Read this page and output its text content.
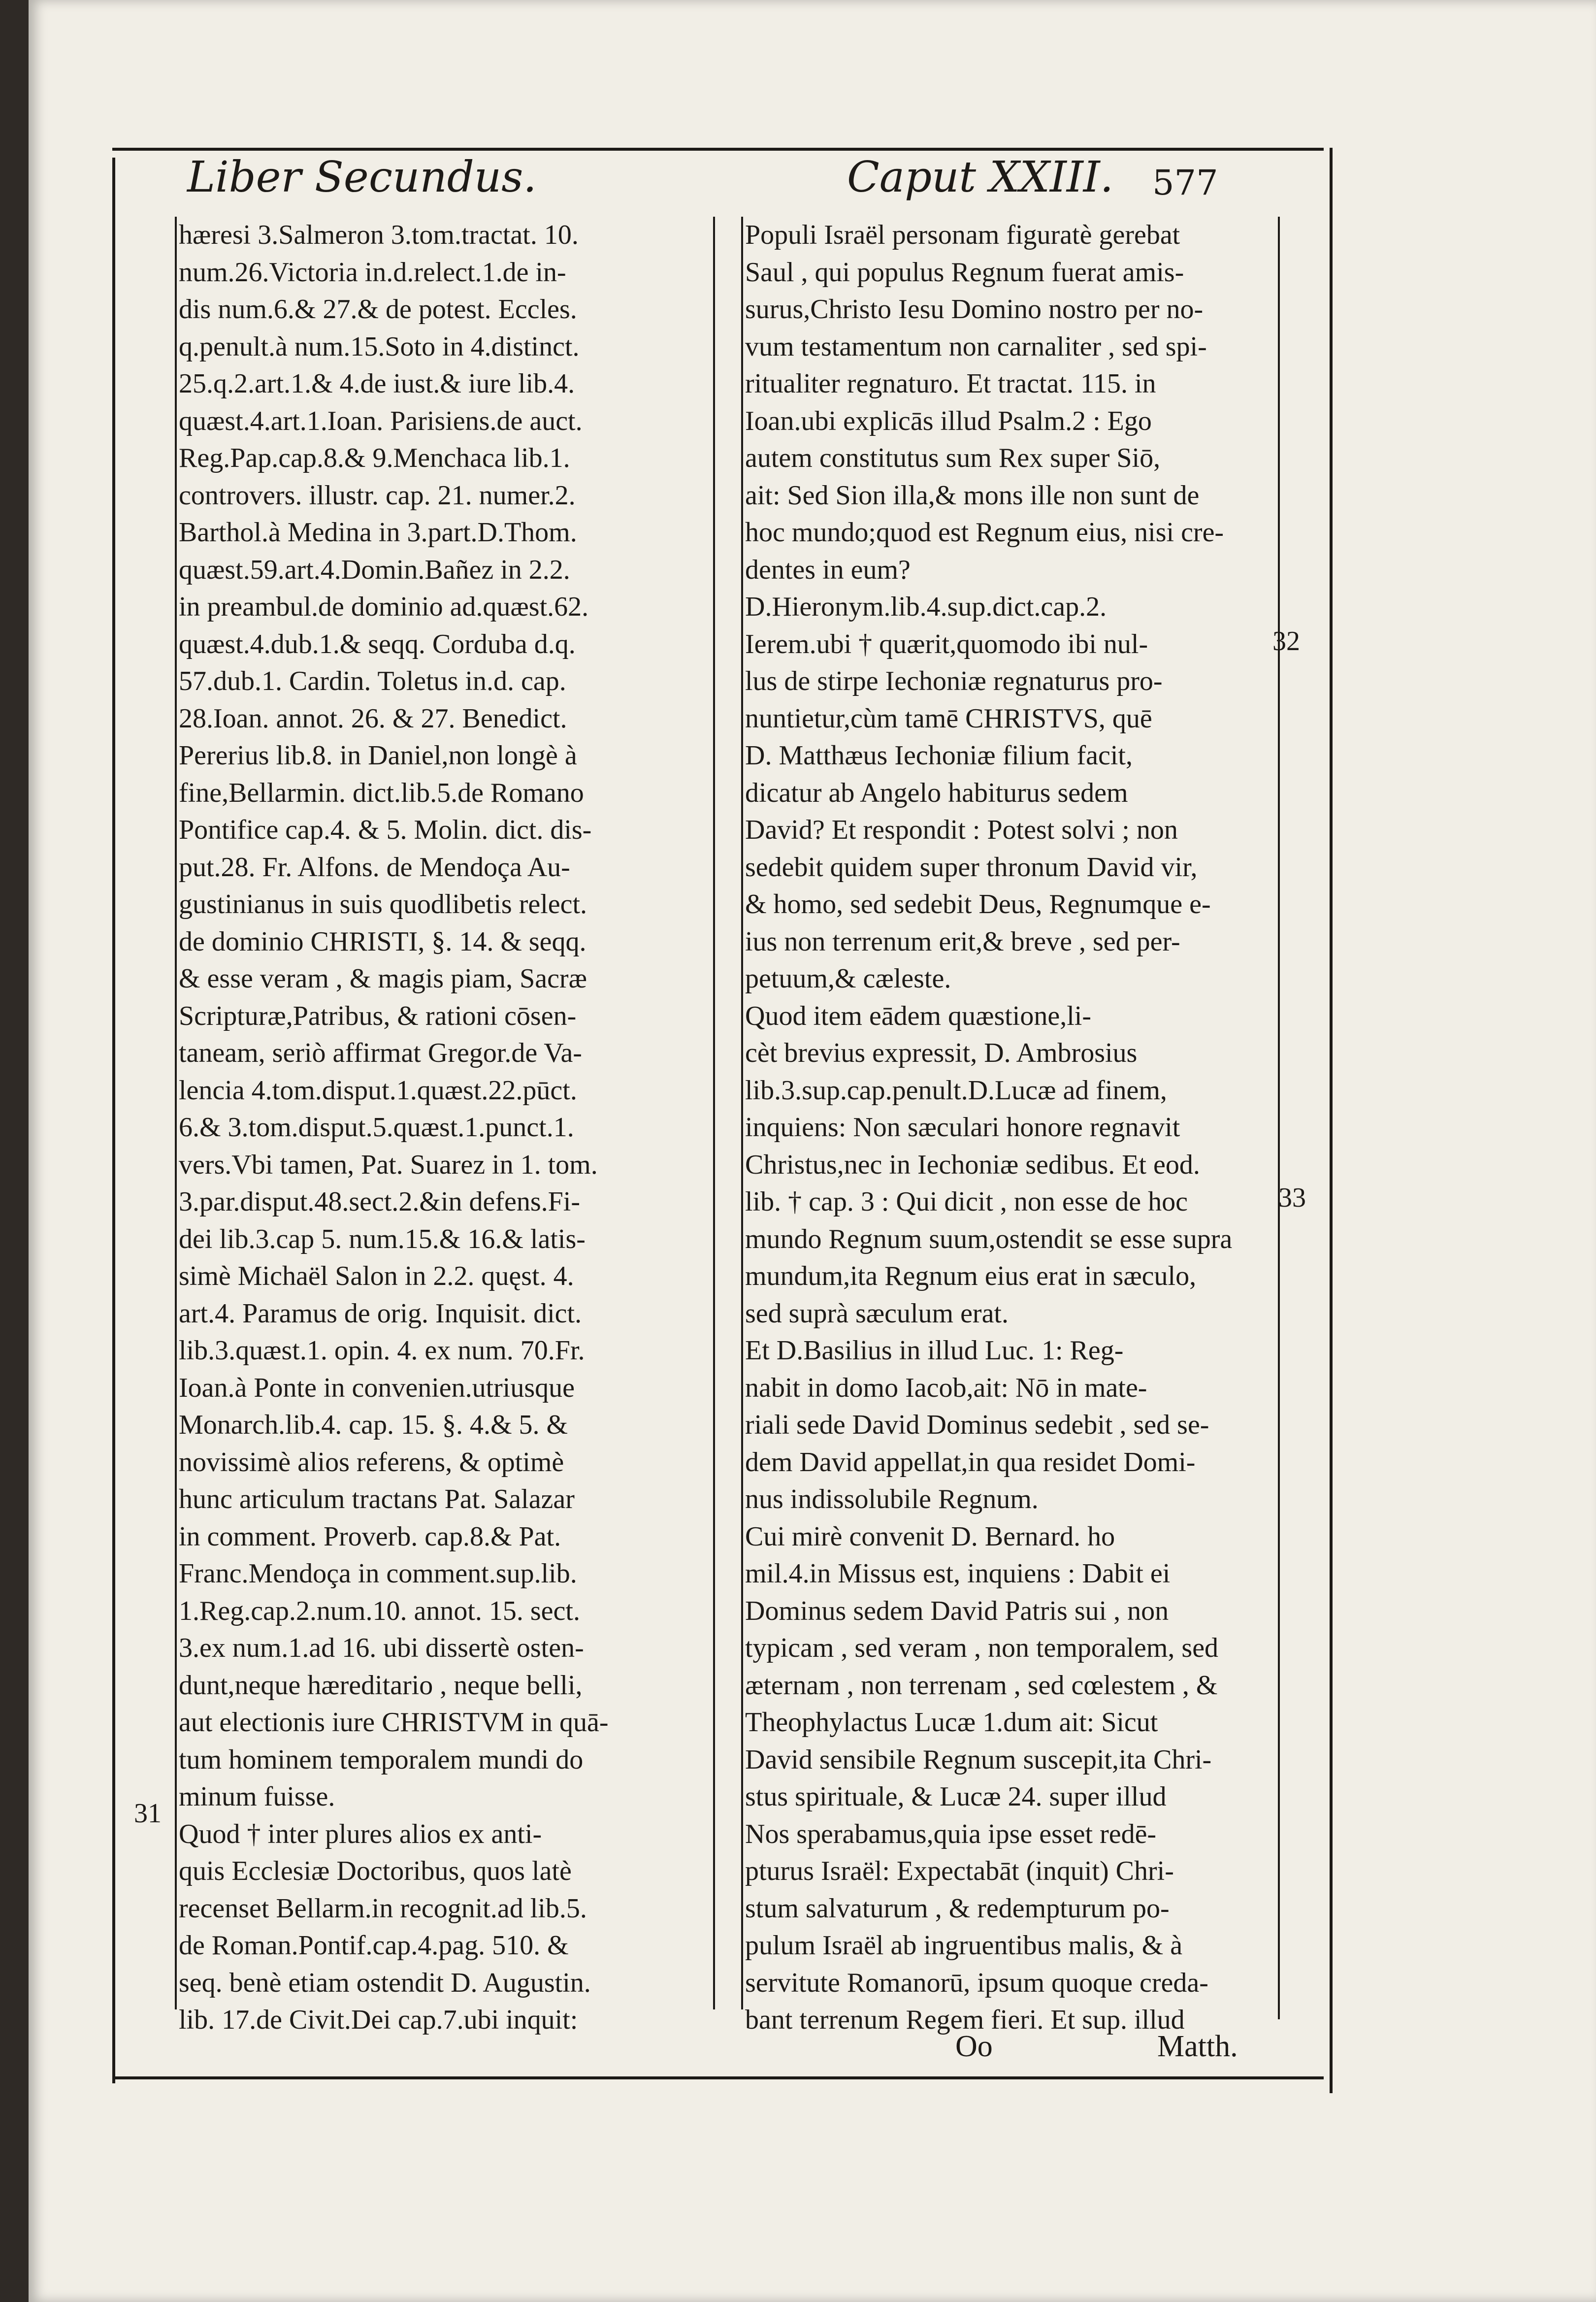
Liber Secundus.	Caput XXIII. 577
hæresi 3.Salmeron 3.tom.tractat. 10.
num.26.Victoria in.d.relect.1.de in-
dis num.6.& 27.& de potest. Eccles.
q.penult.à num.15.Soto in 4.distinct.
25.q.2.art.1.& 4.de iust.& iure lib.4.
quæst.4.art.1.Ioan. Parisiens.de auct.
Reg.Pap.cap.8.& 9.Menchaca lib.1.
controvers. illustr. cap. 21. numer.2.
Barthol.à Medina in 3.part.D.Thom.
quæst.59.art.4.Domin.Bañez in 2.2.
in preambul.de dominio ad.quæst.62.
quæst.4.dub.1.& seqq. Corduba d.q.
57.dub.1. Cardin. Toletus in.d. cap.
28.Ioan. annot. 26. & 27. Benedict.
Pererius lib.8. in Daniel,non longè à
fine,Bellarmin. dict.lib.5.de Romano
Pontifice cap.4. & 5. Molin. dict. dis-
put.28. Fr. Alfons. de Mendoça Au-
gustinianus in suis quodlibetis relect.
de dominio CHRISTI, §. 14. & seqq.
& esse veram , & magis piam, Sacræ
Scripturæ,Patribus, & rationi cōsen-
taneam, seriò affirmat Gregor.de Va-
lencia 4.tom.disput.1.quæst.22.pūct.
6.& 3.tom.disput.5.quæst.1.punct.1.
vers.Vbi tamen, Pat. Suarez in 1. tom.
3.par.disput.48.sect.2.&in defens.Fi-
dei lib.3.cap 5. num.15.& 16.& latis-
simè Michaël Salon in 2.2. quęst. 4.
art.4. Paramus de orig. Inquisit. dict.
lib.3.quæst.1. opin. 4. ex num. 70.Fr.
Ioan.à Ponte in convenien.utriusque
Monarch.lib.4. cap. 15. §. 4.& 5. &
novissimè alios referens, & optimè
hunc articulum tractans Pat. Salazar
in comment. Proverb. cap.8.& Pat.
Franc.Mendoça in comment.sup.lib.
1.Reg.cap.2.num.10. annot. 15. sect.
3.ex num.1.ad 16. ubi dissertè osten-
dunt,neque hæreditario , neque belli,
aut electionis iure CHRISTVM in quā-
tum hominem temporalem mundi do
minum fuisse.
Quod † inter plures alios ex anti-
quis Ecclesiæ Doctoribus, quos latè
recenset Bellarm.in recognit.ad lib.5.
de Roman.Pontif.cap.4.pag. 510. &
seq. benè etiam ostendit D. Augustin.
lib. 17.de Civit.Dei cap.7.ubi inquit:
Populi Israël personam figuratè gerebat
Saul , qui populus Regnum fuerat amis-
surus,Christo Iesu Domino nostro per no-
vum testamentum non carnaliter , sed spi-
ritualiter regnaturo. Et tractat. 115. in
Ioan.ubi explicās illud Psalm.2 : Ego
autem constitutus sum Rex super Siō,
ait: Sed Sion illa,& mons ille non sunt de
hoc mundo;quod est Regnum eius, nisi cre-
dentes in eum?
D.Hieronym.lib.4.sup.dict.cap.2.
Ierem.ubi † quærit,quomodo ibi nul-
lus de stirpe Iechoniæ regnaturus pro-
nuntietur,cùm tamē CHRISTVS, quē
D. Matthæus Iechoniæ filium facit,
dicatur ab Angelo habiturus sedem
David? Et respondit : Potest solvi ; non
sedebit quidem super thronum David vir,
& homo, sed sedebit Deus, Regnumque e-
ius non terrenum erit,& breve , sed per-
petuum,& cæleste.
Quod item eādem quæstione,li-
cèt brevius expressit, D. Ambrosius
lib.3.sup.cap.penult.D.Lucæ ad finem,
inquiens: Non sæculari honore regnavit
Christus,nec in Iechoniæ sedibus. Et eod.
lib. † cap. 3 : Qui dicit , non esse de hoc
mundo Regnum suum,ostendit se esse supra
mundum,ita Regnum eius erat in sæculo,
sed suprà sæculum erat.
Et D.Basilius in illud Luc. 1: Reg-
nabit in domo Iacob,ait: Nō in mate-
riali sede David Dominus sedebit , sed se-
dem David appellat,in qua residet Domi-
nus indissolubile Regnum.
Cui mirè convenit D. Bernard. ho
mil.4.in Missus est, inquiens : Dabit ei
Dominus sedem David Patris sui , non
typicam , sed veram , non temporalem, sed
æternam , non terrenam , sed cœlestem , &
Theophylactus Lucæ 1.dum ait: Sicut
David sensibile Regnum suscepit,ita Chri-
stus spirituale, & Lucæ 24. super illud
Nos sperabamus,quia ipse esset redē-
pturus Israël: Expectabāt (inquit) Chri-
stum salvaturum , & redempturum po-
pulum Israël ab ingruentibus malis, & à
servitute Romanorū, ipsum quoque creda-
bant terrenum Regem fieri. Et sup. illud
31
32
33
Oo	Matth.
